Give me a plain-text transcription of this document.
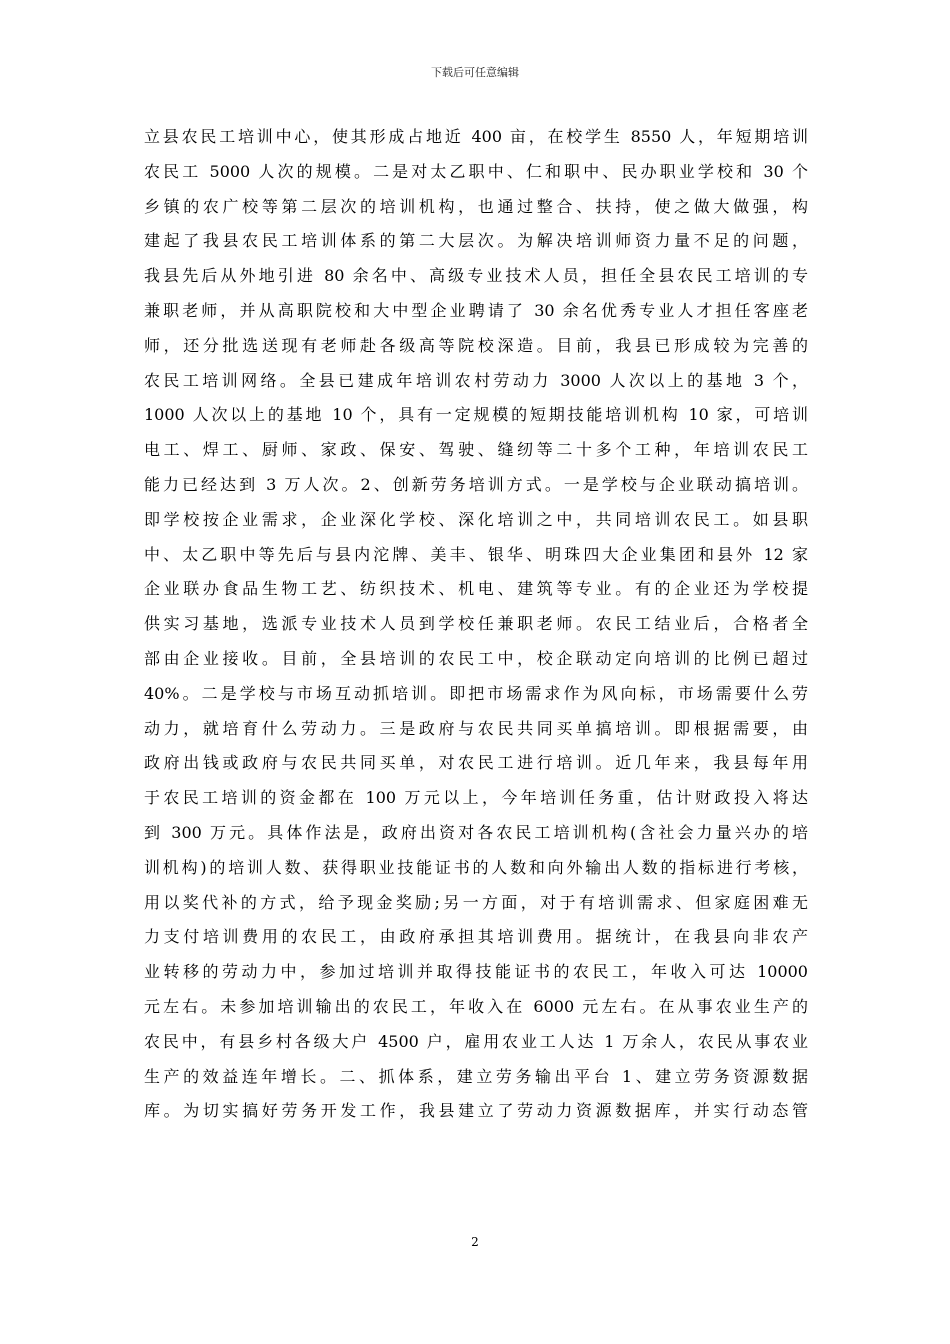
下载后可任意编辑
立县农民工培训中心，使其形成占地近 400 亩，在校学生 8550 人，年短期培训
农民工 5000 人次的规模。二是对太乙职中、仁和职中、民办职业学校和 30 个
乡镇的农广校等第二层次的培训机构，也通过整合、扶持，使之做大做强，构
建起了我县农民工培训体系的第二大层次。为解决培训师资力量不足的问题，
我县先后从外地引进 80 余名中、高级专业技术人员，担任全县农民工培训的专
兼职老师，并从高职院校和大中型企业聘请了 30 余名优秀专业人才担任客座老
师，还分批选送现有老师赴各级高等院校深造。目前，我县已形成较为完善的
农民工培训网络。全县已建成年培训农村劳动力 3000 人次以上的基地 3 个，
1000 人次以上的基地 10 个，具有一定规模的短期技能培训机构 10 家，可培训
电工、焊工、厨师、家政、保安、驾驶、缝纫等二十多个工种，年培训农民工
能力已经达到 3 万人次。2、创新劳务培训方式。一是学校与企业联动搞培训。
即学校按企业需求，企业深化学校、深化培训之中，共同培训农民工。如县职
中、太乙职中等先后与县内沱牌、美丰、银华、明珠四大企业集团和县外 12 家
企业联办食品生物工艺、纺织技术、机电、建筑等专业。有的企业还为学校提
供实习基地，选派专业技术人员到学校任兼职老师。农民工结业后，合格者全
部由企业接收。目前，全县培训的农民工中，校企联动定向培训的比例已超过
40%。二是学校与市场互动抓培训。即把市场需求作为风向标，市场需要什么劳
动力，就培育什么劳动力。三是政府与农民共同买单搞培训。即根据需要，由
政府出钱或政府与农民共同买单，对农民工进行培训。近几年来，我县每年用
于农民工培训的资金都在 100 万元以上，今年培训任务重，估计财政投入将达
到 300 万元。具体作法是，政府出资对各农民工培训机构(含社会力量兴办的培
训机构)的培训人数、获得职业技能证书的人数和向外输出人数的指标进行考核，
用以奖代补的方式，给予现金奖励;另一方面，对于有培训需求、但家庭困难无
力支付培训费用的农民工，由政府承担其培训费用。据统计，在我县向非农产
业转移的劳动力中，参加过培训并取得技能证书的农民工，年收入可达 10000
元左右。未参加培训输出的农民工，年收入在 6000 元左右。在从事农业生产的
农民中，有县乡村各级大户 4500 户，雇用农业工人达 1 万余人，农民从事农业
生产的效益连年增长。二、抓体系，建立劳务输出平台 1、建立劳务资源数据
库。为切实搞好劳务开发工作，我县建立了劳动力资源数据库，并实行动态管
2
